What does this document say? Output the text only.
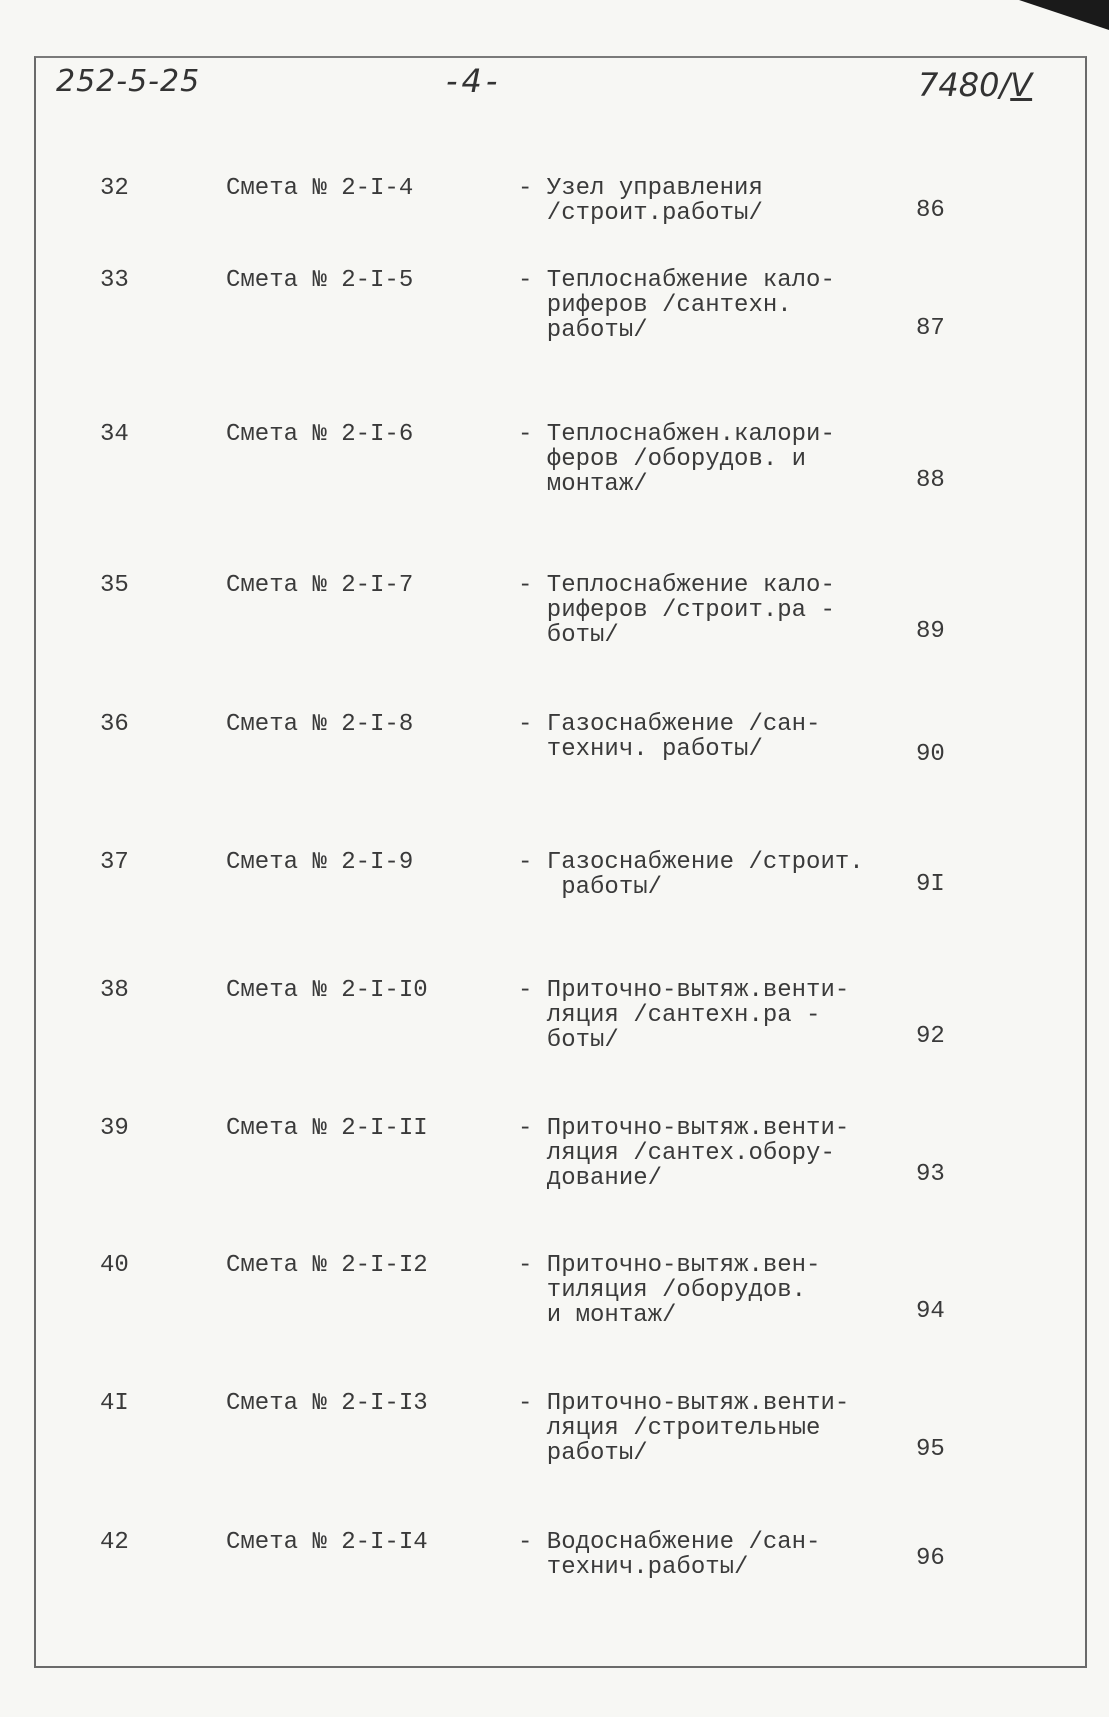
252-5-25	-4-	7480/V
32	Смета № 2-I-4	- Узел управления
/строит.работы/	86
33	Смета № 2-I-5	- Теплоснабжение кало-
риферов /сантехн.
работы/	87
34	Смета № 2-I-6	- Теплоснабжен.калори-
феров /оборудов. и
монтаж/	88
35	Смета № 2-I-7	- Теплоснабжение кало-
риферов /строит.ра -
боты/	89
36	Смета № 2-I-8	- Газоснабжение /сан-
технич. работы/	90
37	Смета № 2-I-9	- Газоснабжение /строит.
работы/	9I
38	Смета № 2-I-I0	- Приточно-вытяж.венти-
ляция /сантехн.ра -
боты/	92
39	Смета № 2-I-II	- Приточно-вытяж.венти-
ляция /сантех.обору-
дование/	93
40	Смета № 2-I-I2	- Приточно-вытяж.вен-
тиляция /оборудов.
и монтаж/	94
4I	Смета № 2-I-I3	- Приточно-вытяж.венти-
ляция /строительные
работы/	95
42	Смета № 2-I-I4	- Водоснабжение /сан-
технич.работы/	96
